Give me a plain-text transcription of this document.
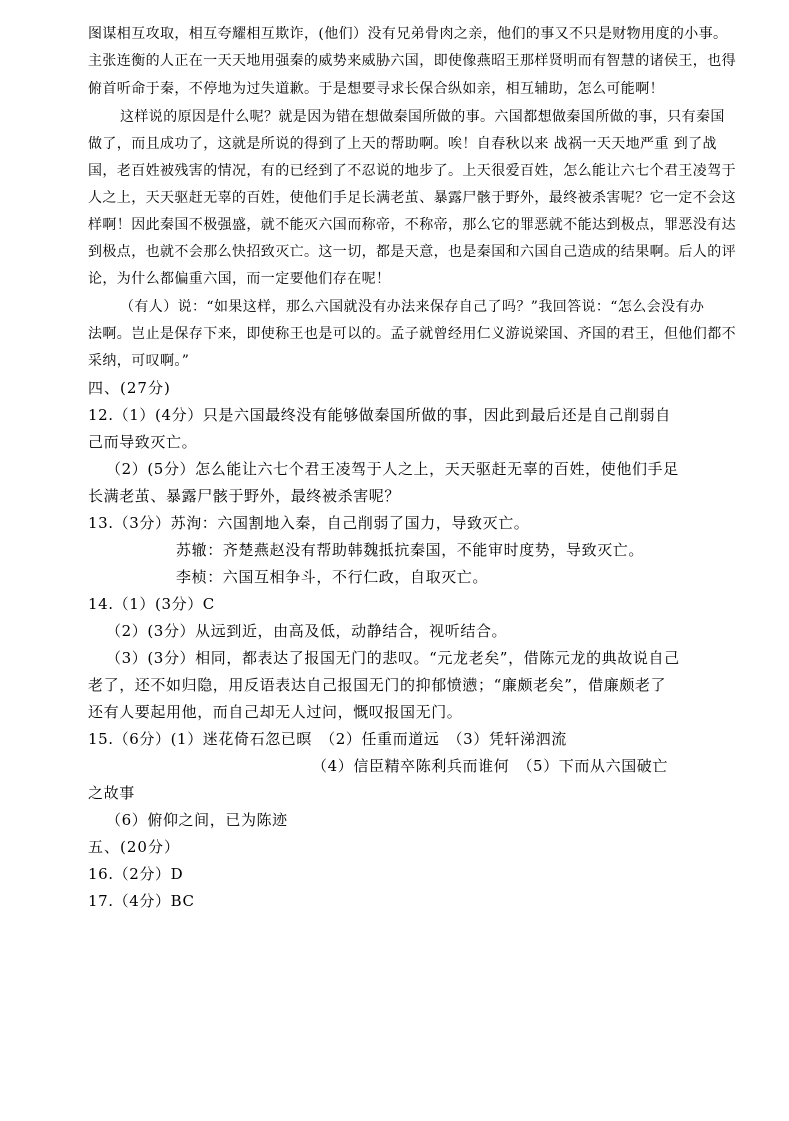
图谋相互攻取，相互夸耀相互欺诈，(他们）没有兄弟骨肉之亲，他们的事又不只是财物用度的小事。
主张连衡的人正在一天天地用强秦的威势来威胁六国，即使像燕昭王那样贤明而有智慧的诸侯王，也得
俯首听命于秦，不停地为过失道歉。于是想要寻求长保合纵如亲，相互辅助，怎么可能啊！
这样说的原因是什么呢？就是因为错在想做秦国所做的事。六国都想做秦国所做的事，只有秦国
做了，而且成功了，这就是所说的得到了上天的帮助啊。唉！自春秋以来 战祸一天天地严重 到了战
国，老百姓被残害的情况，有的已经到了不忍说的地步了。上天很爱百姓，怎么能让六七个君王凌驾于
人之上，天天驱赶无辜的百姓，使他们手足长满老茧、暴露尸骸于野外，最终被杀害呢？它一定不会这
样啊！因此秦国不极强盛，就不能灭六国而称帝，不称帝，那么它的罪恶就不能达到极点，罪恶没有达
到极点，也就不会那么快招致灭亡。这一切，都是天意，也是秦国和六国自己造成的结果啊。后人的评
论，为什么都偏重六国，而一定要他们存在呢！
（有人）说：“如果这样，那么六国就没有办法来保存自己了吗？”我回答说：“怎么会没有办
法啊。岂止是保存下来，即使称王也是可以的。孟子就曾经用仁义游说梁国、齐国的君王，但他们都不
采纳，可叹啊。”
四、(27分)
12.（1）(4分）只是六国最终没有能够做秦国所做的事，因此到最后还是自己削弱自
己而导致灭亡。
（2）(5分）怎么能让六七个君王凌驾于人之上，天天驱赶无辜的百姓，使他们手足
长满老茧、暴露尸骸于野外，最终被杀害呢？
13.（3分）苏洵：六国割地入秦，自己削弱了国力，导致灭亡。
苏辙：齐楚燕赵没有帮助韩魏抵抗秦国，不能审时度势，导致灭亡。
李桢：六国互相争斗，不行仁政，自取灭亡。
14.（1）(3分）C
（2）(3分）从远到近，由高及低，动静结合，视听结合。
（3）(3分）相同，都表达了报国无门的悲叹。“元龙老矣”，借陈元龙的典故说自己
老了，还不如归隐，用反语表达自己报国无门的抑郁愤懑；“廉颇老矣”，借廉颇老了
还有人要起用他，而自己却无人过问，慨叹报国无门。
15.（6分）(1）迷花倚石忽已暝　（2）任重而道远　（3）凭轩涕泗流
（4）信臣精卒陈利兵而谁何　（5）下而从六国破亡
之故事
（6）俯仰之间，已为陈迹
五、(20分）
16.（2分）D
17.（4分）BC
